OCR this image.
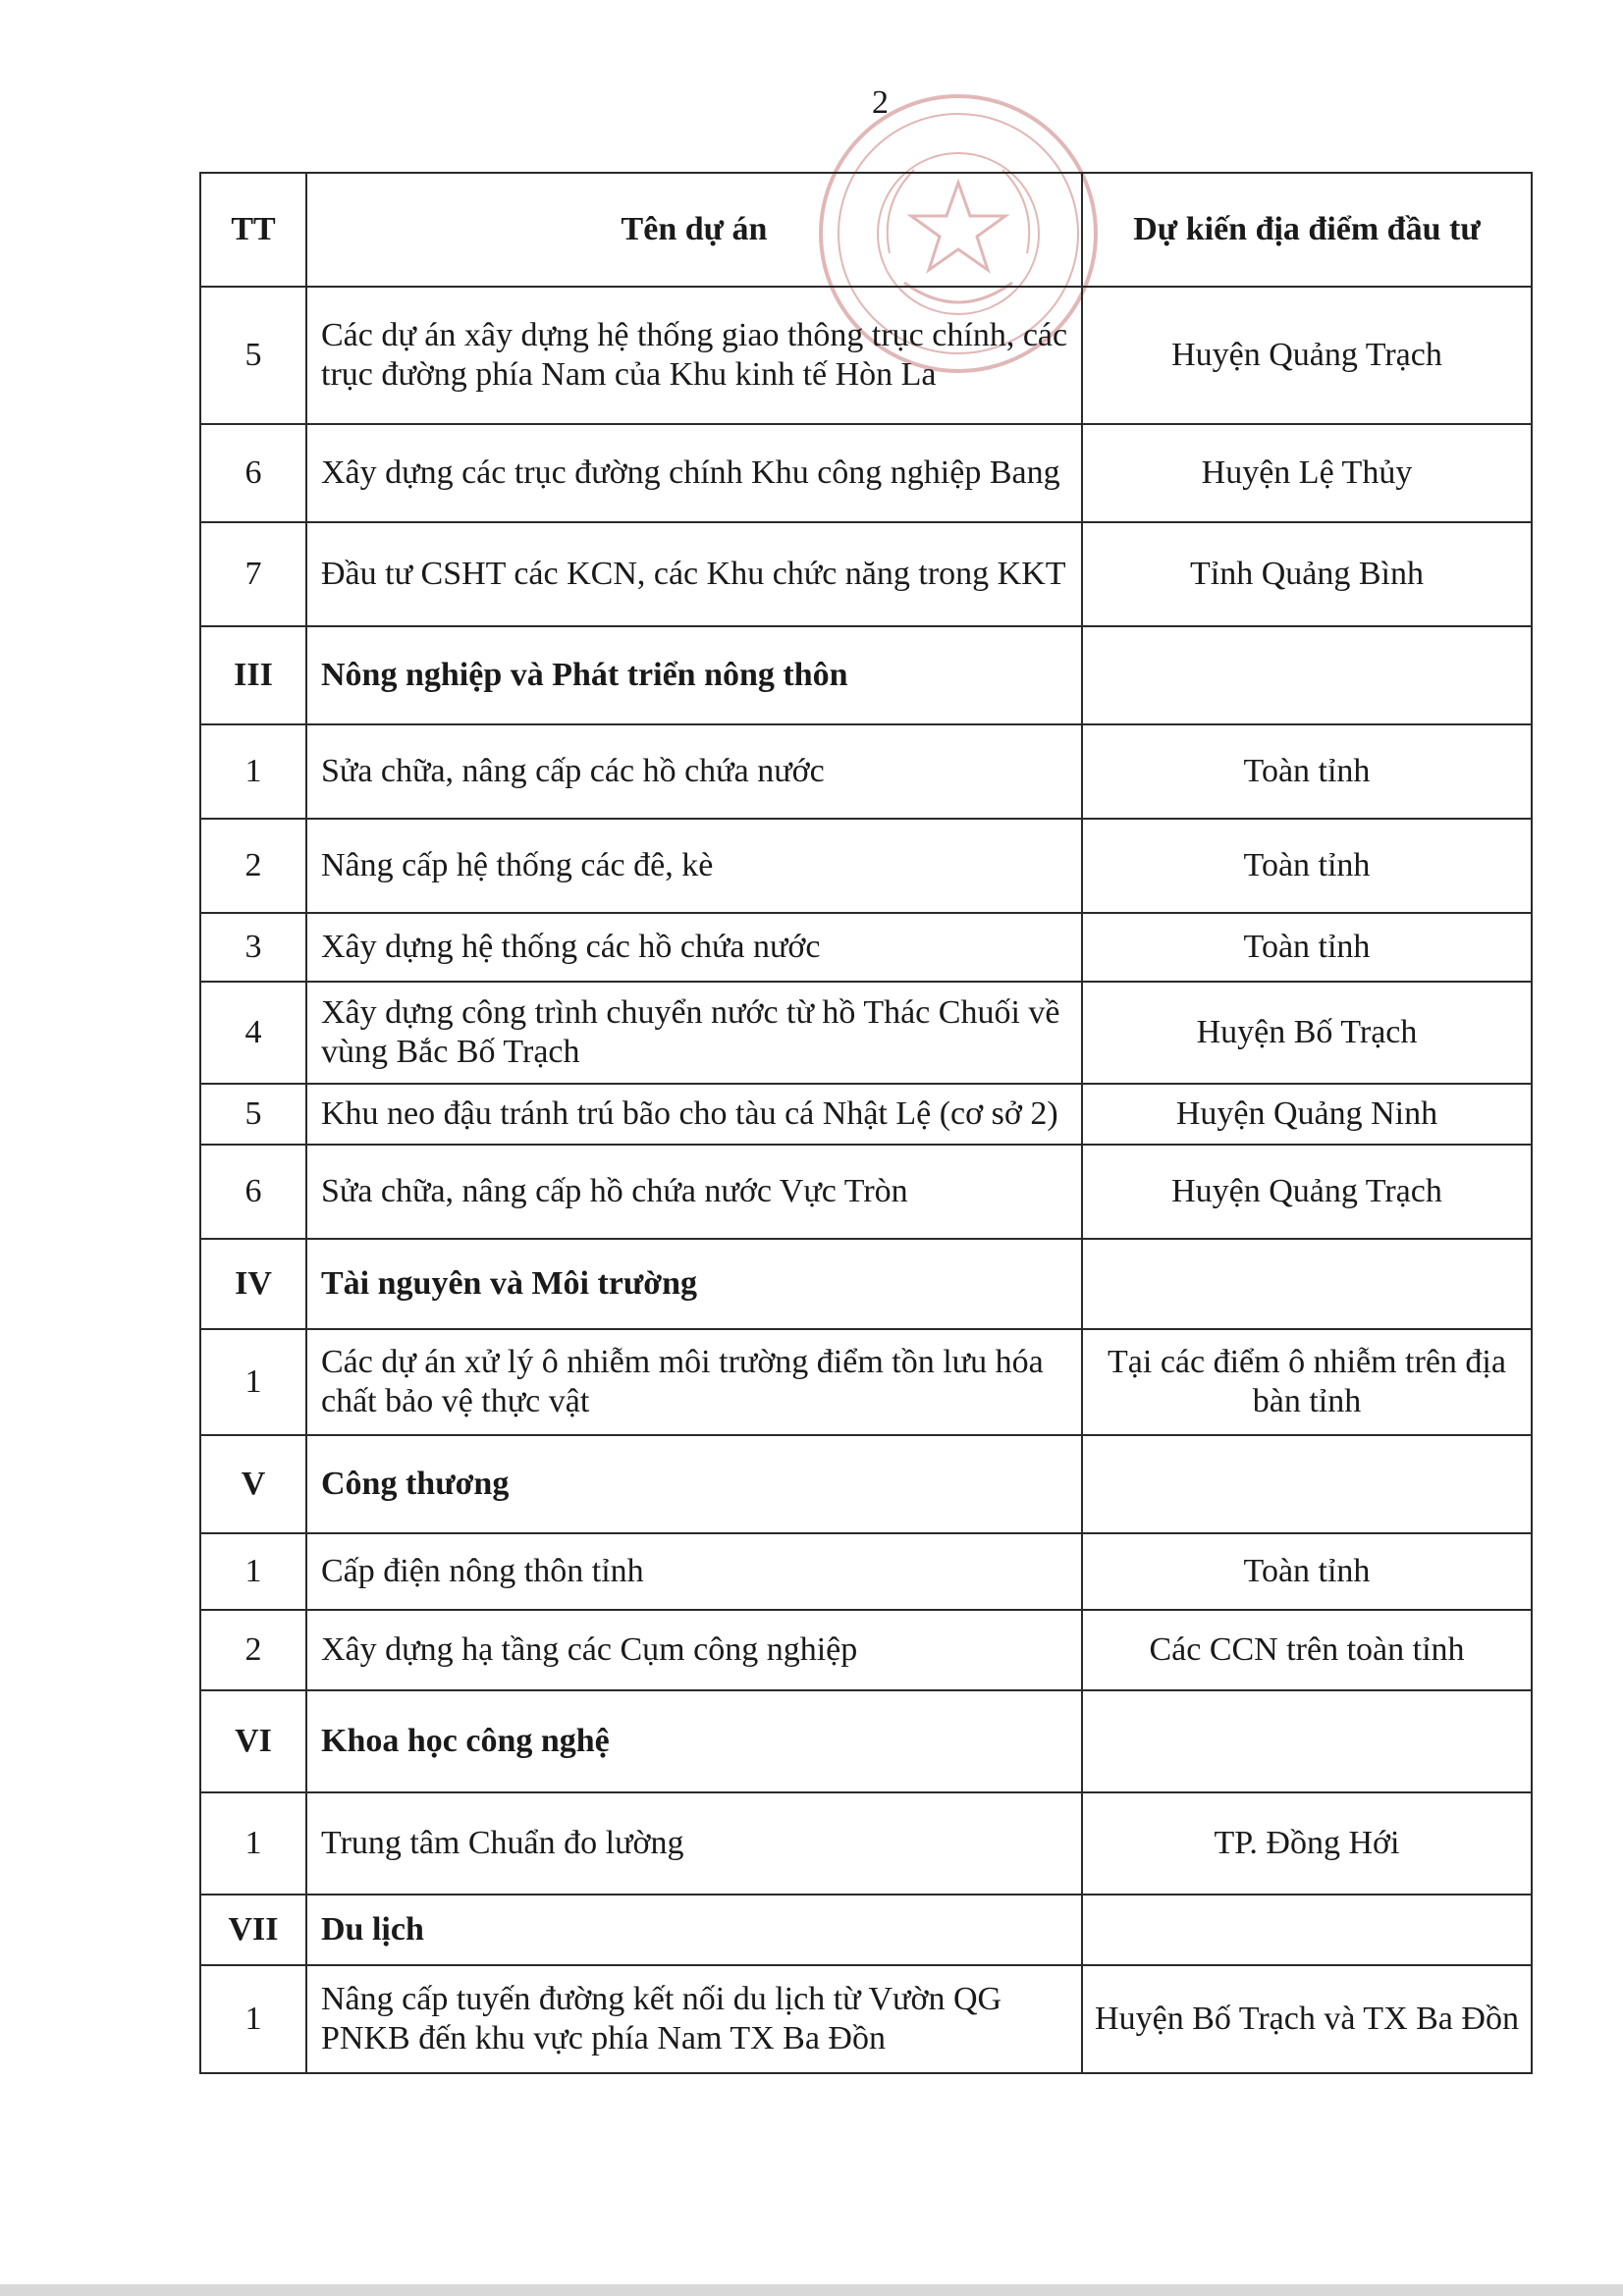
2
TT	Tên dự án	Dự kiến địa điểm đầu tư
5	Các dự án xây dựng hệ thống giao thông trục chính, các trục đường phía Nam của Khu kinh tế Hòn La	Huyện Quảng Trạch
6	Xây dựng các trục đường chính Khu công nghiệp Bang	Huyện Lệ Thủy
7	Đầu tư CSHT các KCN, các Khu chức năng trong KKT	Tỉnh Quảng Bình
III	Nông nghiệp và Phát triển nông thôn	
1	Sửa chữa, nâng cấp các hồ chứa nước	Toàn tỉnh
2	Nâng cấp hệ thống các đê, kè	Toàn tỉnh
3	Xây dựng hệ thống các hồ chứa nước	Toàn tỉnh
4	Xây dựng công trình chuyển nước từ hồ Thác Chuối về vùng Bắc Bố Trạch	Huyện Bố Trạch
5	Khu neo đậu tránh trú bão cho tàu cá Nhật Lệ (cơ sở 2)	Huyện Quảng Ninh
6	Sửa chữa, nâng cấp hồ chứa nước Vực Tròn	Huyện Quảng Trạch
IV	Tài nguyên và Môi trường	
1	Các dự án xử lý ô nhiễm môi trường điểm tồn lưu hóa chất bảo vệ thực vật	Tại các điểm ô nhiễm trên địa bàn tỉnh
V	Công thương	
1	Cấp điện nông thôn tỉnh	Toàn tỉnh
2	Xây dựng hạ tầng các Cụm công nghiệp	Các CCN trên toàn tỉnh
VI	Khoa học công nghệ	
1	Trung tâm Chuẩn đo lường	TP. Đồng Hới
VII	Du lịch	
1	Nâng cấp tuyến đường kết nối du lịch từ Vườn QG PNKB đến khu vực phía Nam TX Ba Đồn	Huyện Bố Trạch và TX Ba Đồn
